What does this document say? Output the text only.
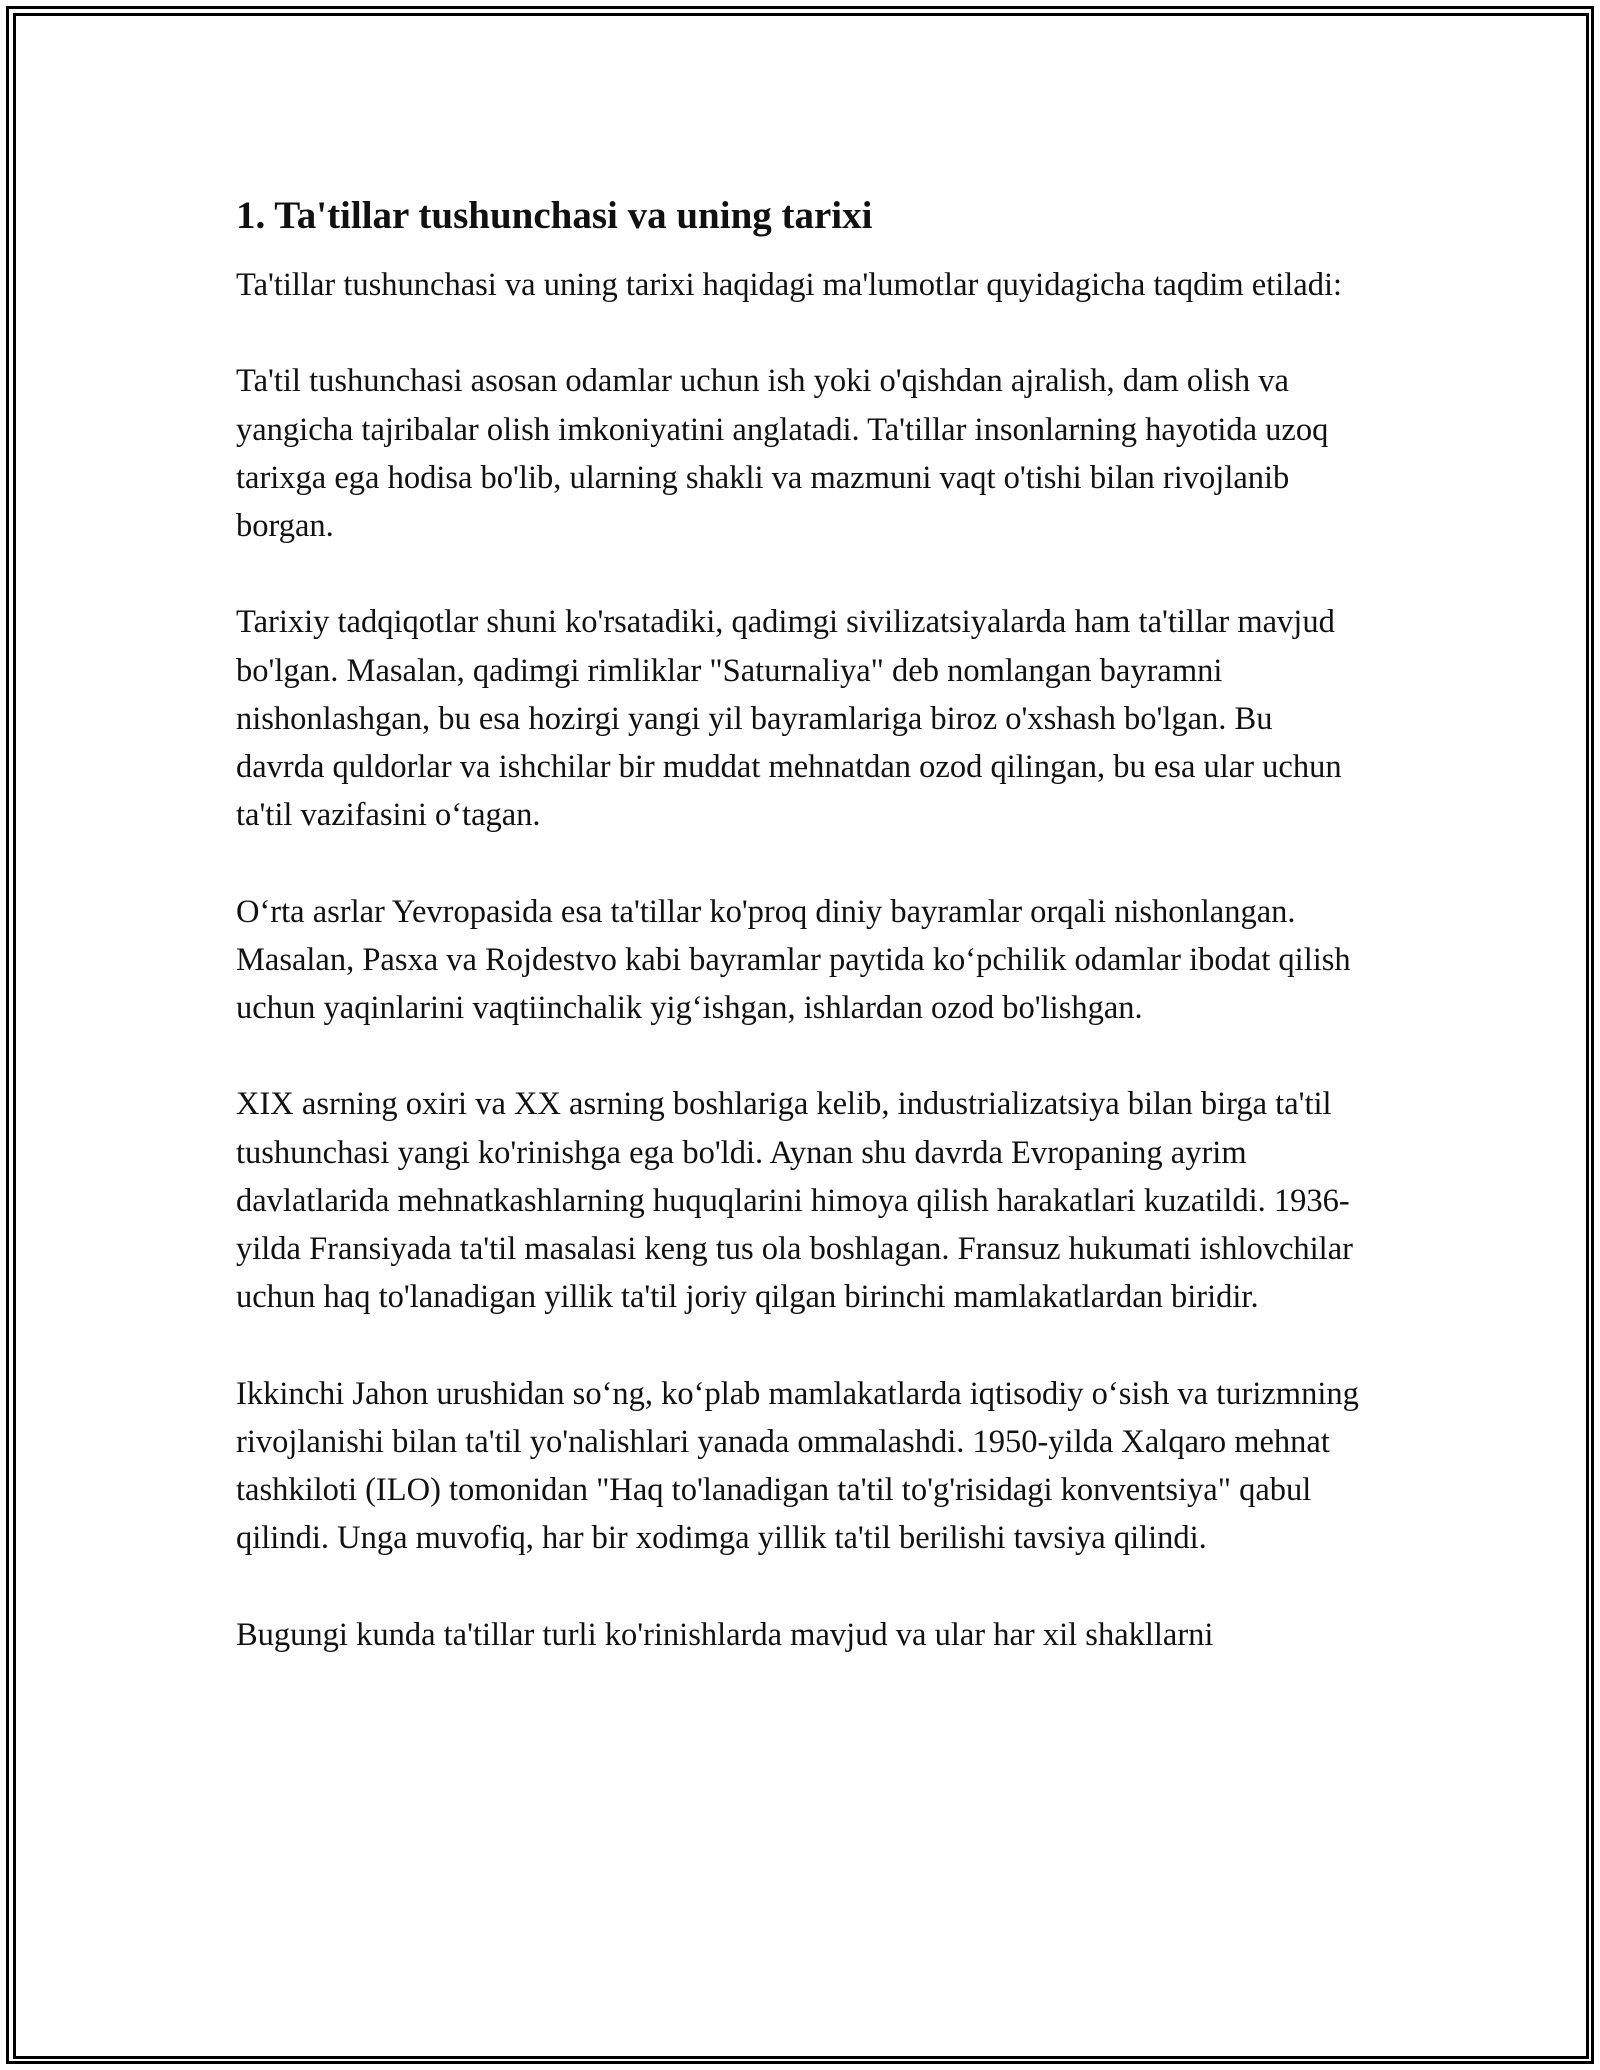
1. Ta'tillar tushunchasi va uning tarixi

Ta'tillar tushunchasi va uning tarixi haqidagi ma'lumotlar quyidagicha taqdim etiladi:

Ta'til tushunchasi asosan odamlar uchun ish yoki o'qishdan ajralish, dam olish va yangicha tajribalar olish imkoniyatini anglatadi. Ta'tillar insonlarning hayotida uzoq tarixga ega hodisa bo'lib, ularning shakli va mazmuni vaqt o'tishi bilan rivojlanib borgan.

Tarixiy tadqiqotlar shuni ko'rsatadiki, qadimgi sivilizatsiyalarda ham ta'tillar mavjud bo'lgan. Masalan, qadimgi rimliklar "Saturnaliya" deb nomlangan bayramni nishonlashgan, bu esa hozirgi yangi yil bayramlariga biroz o'xshash bo'lgan. Bu davrda quldorlar va ishchilar bir muddat mehnatdan ozod qilingan, bu esa ular uchun ta'til vazifasini o‘tagan.

O‘rta asrlar Yevropasida esa ta'tillar ko'proq diniy bayramlar orqali nishonlangan. Masalan, Pasxa va Rojdestvo kabi bayramlar paytida ko‘pchilik odamlar ibodat qilish uchun yaqinlarini vaqtiinchalik yig‘ishgan, ishlardan ozod bo'lishgan.

XIX asrning oxiri va XX asrning boshlariga kelib, industrializatsiya bilan birga ta'til tushunchasi yangi ko'rinishga ega bo'ldi. Aynan shu davrda Evropaning ayrim davlatlarida mehnatkashlarning huquqlarini himoya qilish harakatlari kuzatildi. 1936-yilda Fransiyada ta'til masalasi keng tus ola boshlagan. Fransuz hukumati ishlovchilar uchun haq to'lanadigan yillik ta'til joriy qilgan birinchi mamlakatlardan biridir.

Ikkinchi Jahon urushidan so‘ng, ko‘plab mamlakatlarda iqtisodiy o‘sish va turizmning rivojlanishi bilan ta'til yo'nalishlari yanada ommalashdi. 1950-yilda Xalqaro mehnat tashkiloti (ILO) tomonidan "Haq to'lanadigan ta'til to'g'risidagi konventsiya" qabul qilindi. Unga muvofiq, har bir xodimga yillik ta'til berilishi tavsiya qilindi.

Bugungi kunda ta'tillar turli ko'rinishlarda mavjud va ular har xil shakllarni
